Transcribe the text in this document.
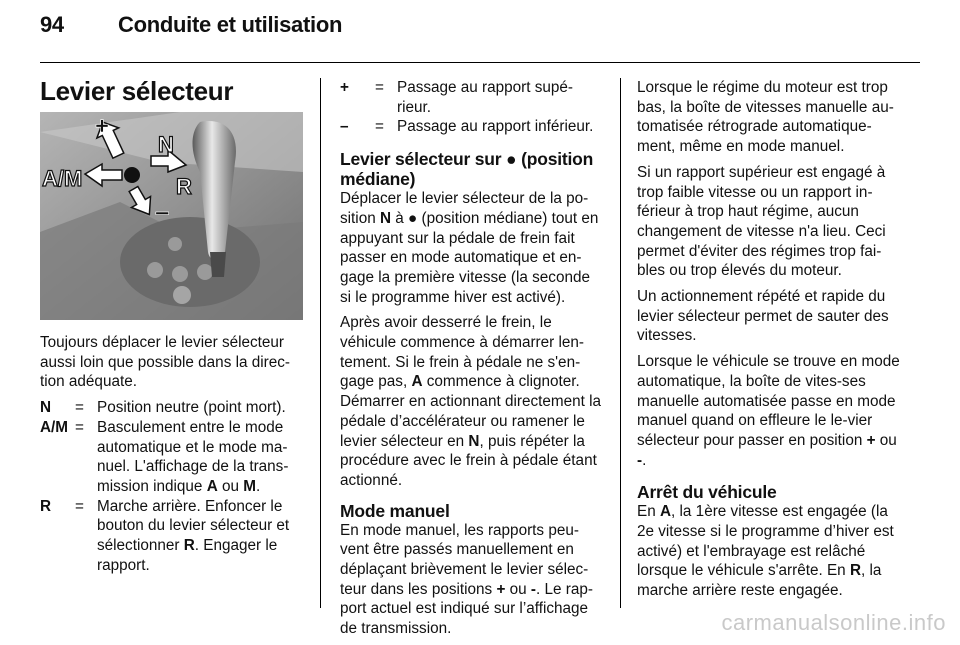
94 Conduite et utilisation
Levier sélecteur
+
N
A/M	R
–

Toujours déplacer le levier sélecteur aussi loin que possible dans la direc-tion adéquate.

N	= Position neutre (point mort).
A/M = Basculement entre le mode automatique et le mode ma-nuel. L'affichage de la trans-mission indique A ou M.
R	= Marche arrière. Enfoncer le bouton du levier sélecteur et sélectionner R. Engager le rapport.
+	= Passage au rapport supé-rieur.
–	= Passage au rapport inférieur.
Levier sélecteur sur ● (position médiane)

Déplacer le levier sélecteur de la po-sition N à ● (position médiane) tout en appuyant sur la pédale de frein fait passer en mode automatique et en-gage la première vitesse (la seconde si le programme hiver est activé).

Après avoir desserré le frein, le véhicule commence à démarrer len-tement. Si le frein à pédale ne s'en-gage pas, A commence à clignoter. Démarrer en actionnant directement la pédale d’accélérateur ou ramener le levier sélecteur en N, puis répéter la procédure avec le frein à pédale étant actionné.

Mode manuel

En mode manuel, les rapports peu-vent être passés manuellement en déplaçant brièvement le levier sélec-teur dans les positions + ou -. Le rap-port actuel est indiqué sur l’affichage de transmission.

Lorsque le régime du moteur est trop bas, la boîte de vitesses manuelle au-tomatisée rétrograde automatique-ment, même en mode manuel.

Si un rapport supérieur est engagé à trop faible vitesse ou un rapport in-férieur à trop haut régime, aucun changement de vitesse n'a lieu. Ceci permet d'éviter des régimes trop fai-bles ou trop élevés du moteur.

Un actionnement répété et rapide du levier sélecteur permet de sauter des vitesses.

Lorsque le véhicule se trouve en mode automatique, la boîte de vites-ses manuelle automatisée passe en mode manuel quand on effleure le le-vier sélecteur pour passer en position + ou -.

Arrêt du véhicule

En A, la 1ère vitesse est engagée (la 2e vitesse si le programme d’hiver est activé) et l'embrayage est relâché lorsque le véhicule s'arrête. En R, la marche arrière reste engagée.

carmanualsonline.info
